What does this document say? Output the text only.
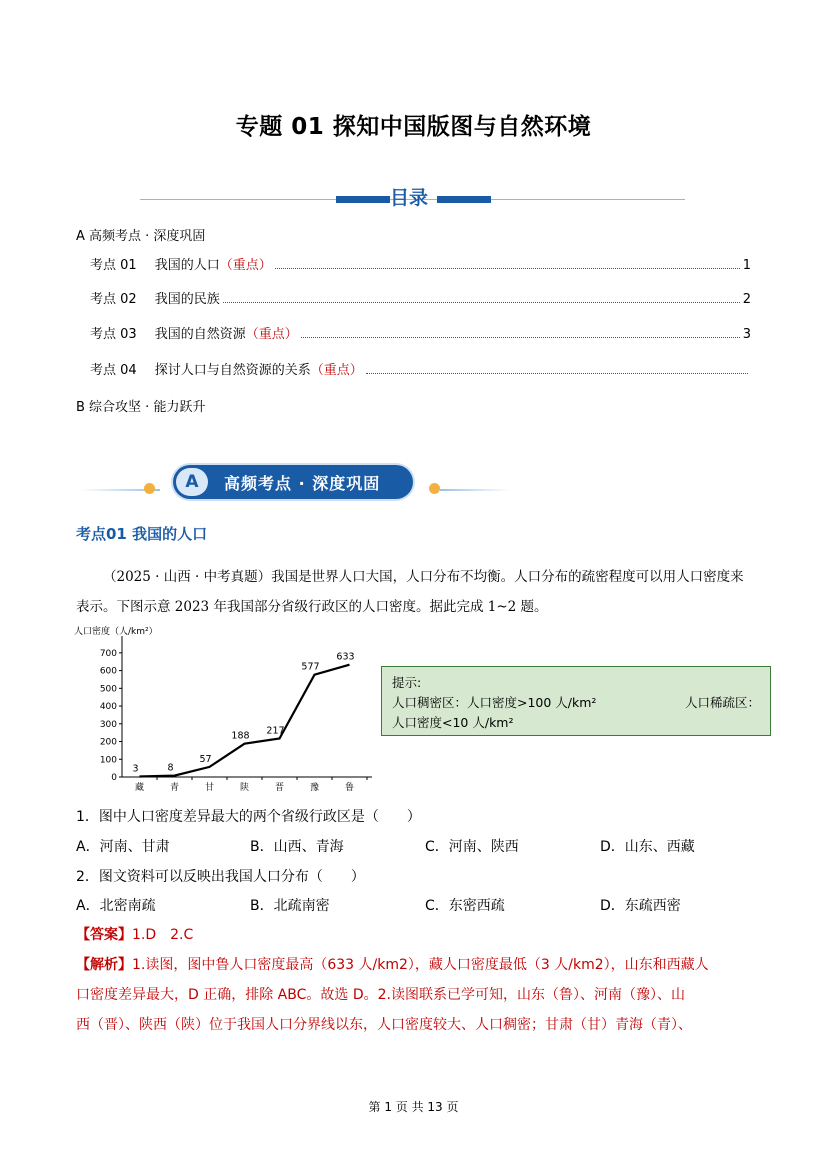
专题 01 探知中国版图与自然环境
目录
A 高频考点 · 深度巩固
考点 01 我国的人口 （重点）	1
考点 02 我国的民族	2
考点 03 我国的自然资源 （重点）	3
考点 04 探讨人口与自然资源的关系 （重点）
B 综合攻坚 · 能力跃升
A	高频考点 · 深度巩固
考点01 我国的人口
（2025 · 山西 · 中考真题）我国是世界人口大国，人口分布不均衡。人口分布的疏密程度可以用人口密度来表示。下图示意 2023 年我国部分省级行政区的人口密度。据此完成 1~2 题。
人口密度（人/km²）
0
100
200
300
400
500
600
700
藏	青	甘	陕	晋	豫	鲁
3	8
57
188 217
577
633
提示:
人口稠密区：人口密度>100 人/km²	人口稀疏区：
人口密度<10 人/km²
1．图中人口密度差异最大的两个省级行政区是（　　）
A．河南、甘肃	B．山西、青海	C．河南、陕西	D．山东、西藏
2．图文资料可以反映出我国人口分布（　　）
A．北密南疏	B．北疏南密	C．东密西疏	D．东疏西密
【答案】1.D　2.C
【解析】1.读图，图中鲁人口密度最高（633 人/km2），藏人口密度最低（3 人/km2），山东和西藏人
口密度差异最大，D 正确，排除 ABC。故选 D。2.读图联系已学可知，山东（鲁）、河南（豫）、山
西（晋）、陕西（陕）位于我国人口分界线以东，人口密度较大、人口稠密；甘肃（甘）青海（青）、
第 1 页 共 13 页
